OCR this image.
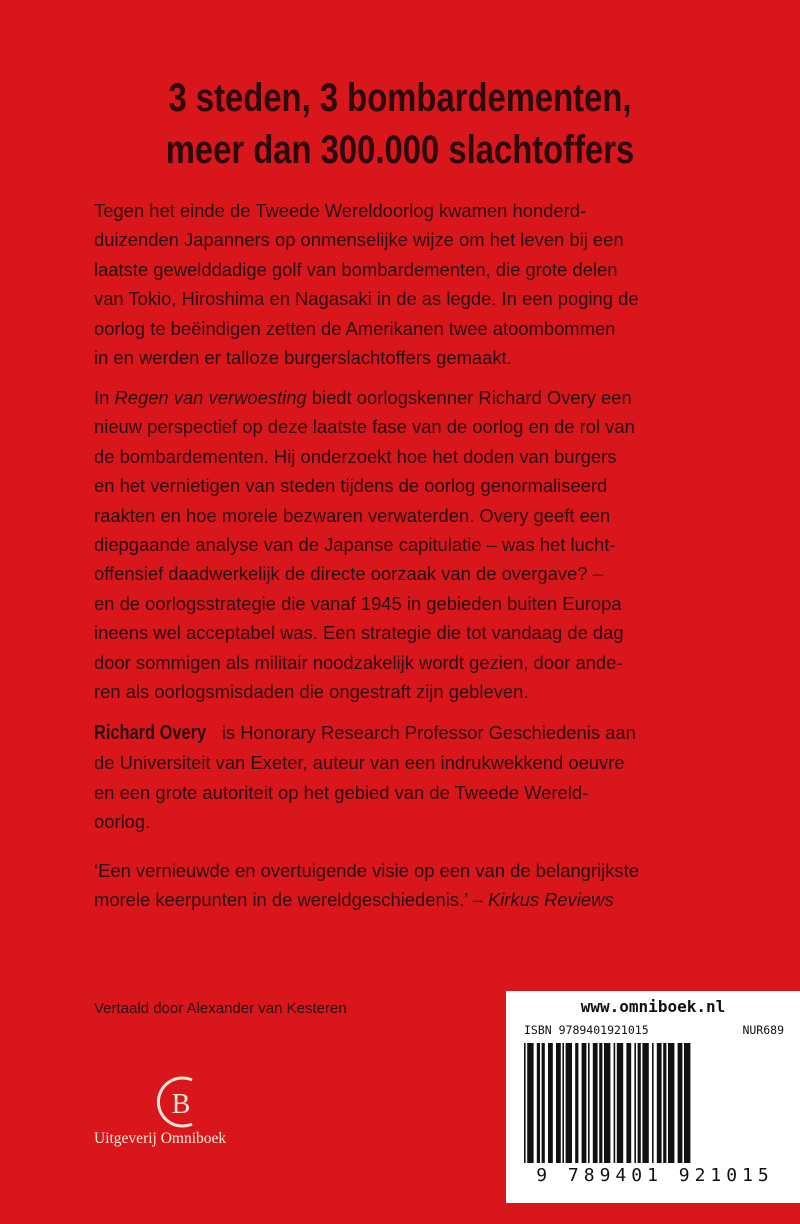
3 steden, 3 bombardementen,
meer dan 300.000 slachtoffers
Tegen het einde de Tweede Wereldoorlog kwamen honderd-
duizenden Japanners op onmenselijke wijze om het leven bij een
laatste gewelddadige golf van bombardementen, die grote delen
van Tokio, Hiroshima en Nagasaki in de as legde. In een poging de
oorlog te beëindigen zetten de Amerikanen twee atoombommen
in en werden er talloze burgerslachtoffers gemaakt.
In Regen van verwoesting biedt oorlogskenner Richard Overy een
nieuw perspectief op deze laatste fase van de oorlog en de rol van
de bombardementen. Hij onderzoekt hoe het doden van burgers
en het vernietigen van steden tijdens de oorlog genormaliseerd
raakten en hoe morele bezwaren verwaterden. Overy geeft een
diepgaande analyse van de Japanse capitulatie – was het lucht-
offensief daadwerkelijk de directe oorzaak van de overgave? –
en de oorlogsstrategie die vanaf 1945 in gebieden buiten Europa
ineens wel acceptabel was. Een strategie die tot vandaag de dag
door sommigen als militair noodzakelijk wordt gezien, door ande-
ren als oorlogsmisdaden die ongestraft zijn gebleven.
Richard Overy is Honorary Research Professor Geschiedenis aan
de Universiteit van Exeter, auteur van een indrukwekkend oeuvre
en een grote autoriteit op het gebied van de Tweede Wereld-
oorlog.
‘Een vernieuwde en overtuigende visie op een van de belangrijkste
morele keerpunten in de wereldgeschiedenis.’ – Kirkus Reviews
Vertaald door Alexander van Kesteren
B
Uitgeverij Omniboek
www.omniboek.nl
ISBN 9789401921015	NUR689
9 789401 921015
